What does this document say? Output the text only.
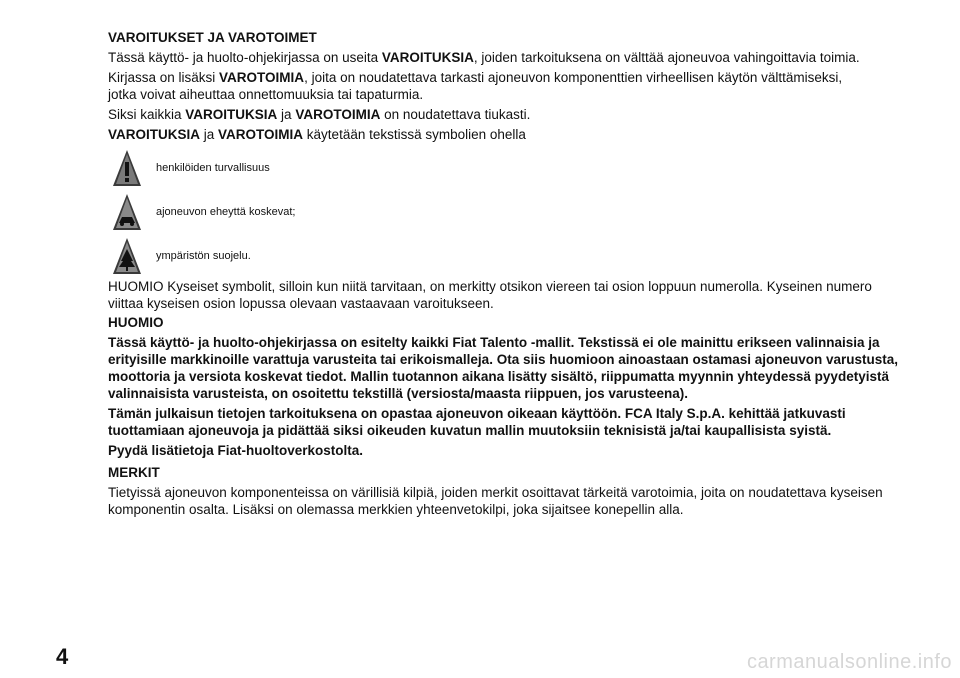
VAROITUKSET JA VAROTOIMET

Tässä käyttö- ja huolto-ohjekirjassa on useita VAROITUKSIA, joiden tarkoituksena on välttää ajoneuvoa vahingoittavia toimia.

Kirjassa on lisäksi VAROTOIMIA, joita on noudatettava tarkasti ajoneuvon komponenttien virheellisen käytön välttämiseksi,
jotka voivat aiheuttaa onnettomuuksia tai tapaturmia.

Siksi kaikkia VAROITUKSIA ja VAROTOIMIA on noudatettava tiukasti.

VAROITUKSIA ja VAROTOIMIA käytetään tekstissä symbolien ohella

henkilöiden turvallisuus
ajoneuvon eheyttä koskevat;
ympäristön suojelu.

HUOMIO Kyseiset symbolit, silloin kun niitä tarvitaan, on merkitty otsikon viereen tai osion loppuun numerolla. Kyseinen numero viittaa kyseisen osion lopussa olevaan vastaavaan varoitukseen.

HUOMIO

Tässä käyttö- ja huolto-ohjekirjassa on esitelty kaikki Fiat Talento -mallit. Tekstissä ei ole mainittu erikseen valinnaisia ja erityisille markkinoille varattuja varusteita tai erikoismalleja. Ota siis huomioon ainoastaan ostamasi ajoneuvon varustusta, moottoria ja versiota koskevat tiedot. Mallin tuotannon aikana lisätty sisältö, riippumatta myynnin yhteydessä pyydetyistä valinnaisista varusteista, on osoitettu tekstillä (versiosta/maasta riippuen, jos varusteena).

Tämän julkaisun tietojen tarkoituksena on opastaa ajoneuvon oikeaan käyttöön. FCA Italy S.p.A. kehittää jatkuvasti tuottamiaan ajoneuvoja ja pidättää siksi oikeuden kuvatun mallin muutoksiin teknisistä ja/tai kaupallisista syistä.

Pyydä lisätietoja Fiat-huoltoverkostolta.

MERKIT

Tietyissä ajoneuvon komponenteissa on värillisiä kilpiä, joiden merkit osoittavat tärkeitä varotoimia, joita on noudatettava kyseisen komponentin osalta. Lisäksi on olemassa merkkien yhteenvetokilpi, joka sijaitsee konepellin alla.

4	carmanualsonline.info
